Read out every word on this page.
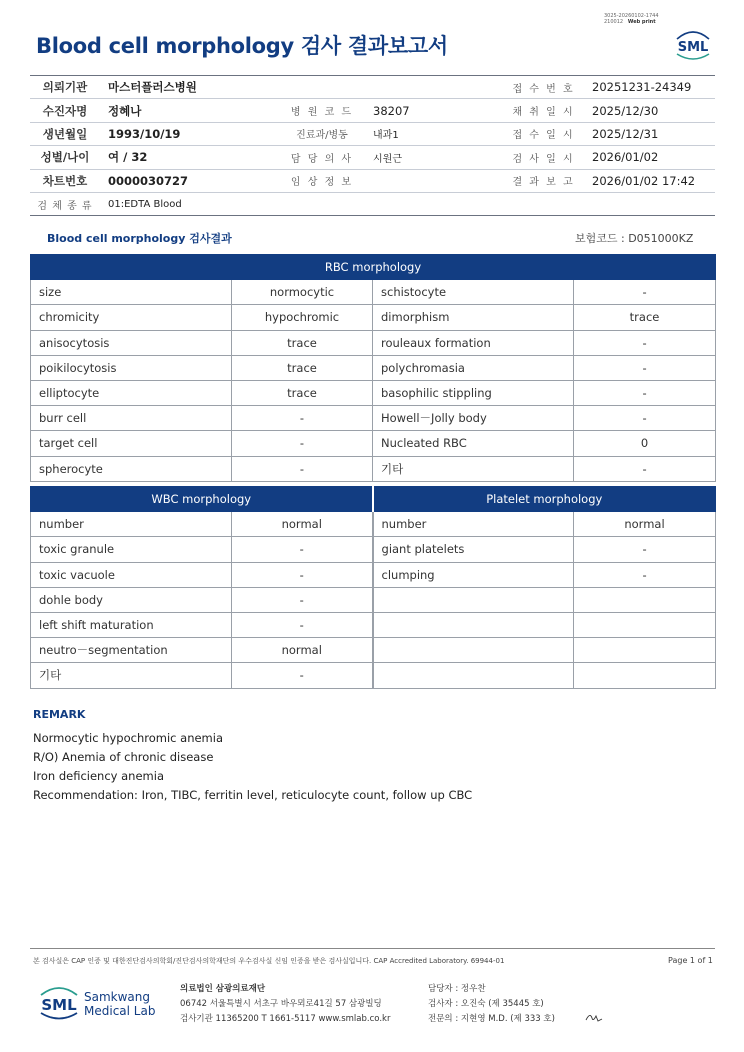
Blood cell morphology 검사 결과보고서
3025-20260102-1744
210012 Web print
SML
의뢰기관	마스터플러스병원			접 수 번 호	20251231-24349
수진자명	정혜나	병 원 코 드	38207	채 취 일 시	2025/12/30
생년월일	1993/10/19	진료과/병동	내과1	접 수 일 시	2025/12/31
성별/나이	여 / 32	담 당 의 사	시원근	검 사 일 시	2026/01/02
차트번호	0000030727	임 상 정 보		결 과 보 고	2026/01/02 17:42
검 체 종 류	01:EDTA Blood				
Blood cell morphology 검사결과	보험코드 : D051000KZ
RBC morphology			
size	normocytic	schistocyte	-
chromicity	hypochromic	dimorphism	trace
anisocytosis	trace	rouleaux formation	-
poikilocytosis	trace	polychromasia	-
elliptocyte	trace	basophilic stippling	-
burr cell	-	Howell－Jolly body	-
target cell	-	Nucleated RBC	0
spherocyte	-	기타	-
WBC morphology		Platelet morphology	
number	normal	number	normal
toxic granule	-	giant platelets	-
toxic vacuole	-	clumping	-
dohle body	-		
left shift maturation	-		
neutro－segmentation	normal		
기타	-		
REMARK
Normocytic hypochromic anemia
R/O) Anemia of chronic disease
Iron deficiency anemia
Recommendation: Iron, TIBC, ferritin level, reticulocyte count, follow up CBC
본 검사실은 CAP 인증 및 대한진단검사의학회/진단검사의학재단의 우수검사실 신임 인증을 받은 검사실입니다. CAP Accredited Laboratory. 69944-01	Page 1 of 1
SML Samkwang
Medical Lab
의료법인 삼광의료재단
06742 서울특별시 서초구 바우뫼로41길 57 삼광빌딩
검사기관 11365200 T 1661-5117 www.smlab.co.kr
담당자 : 정우찬
검사자 : 오진숙 (제 35445 호)
전문의 : 지현영 M.D. (제 333 호)
